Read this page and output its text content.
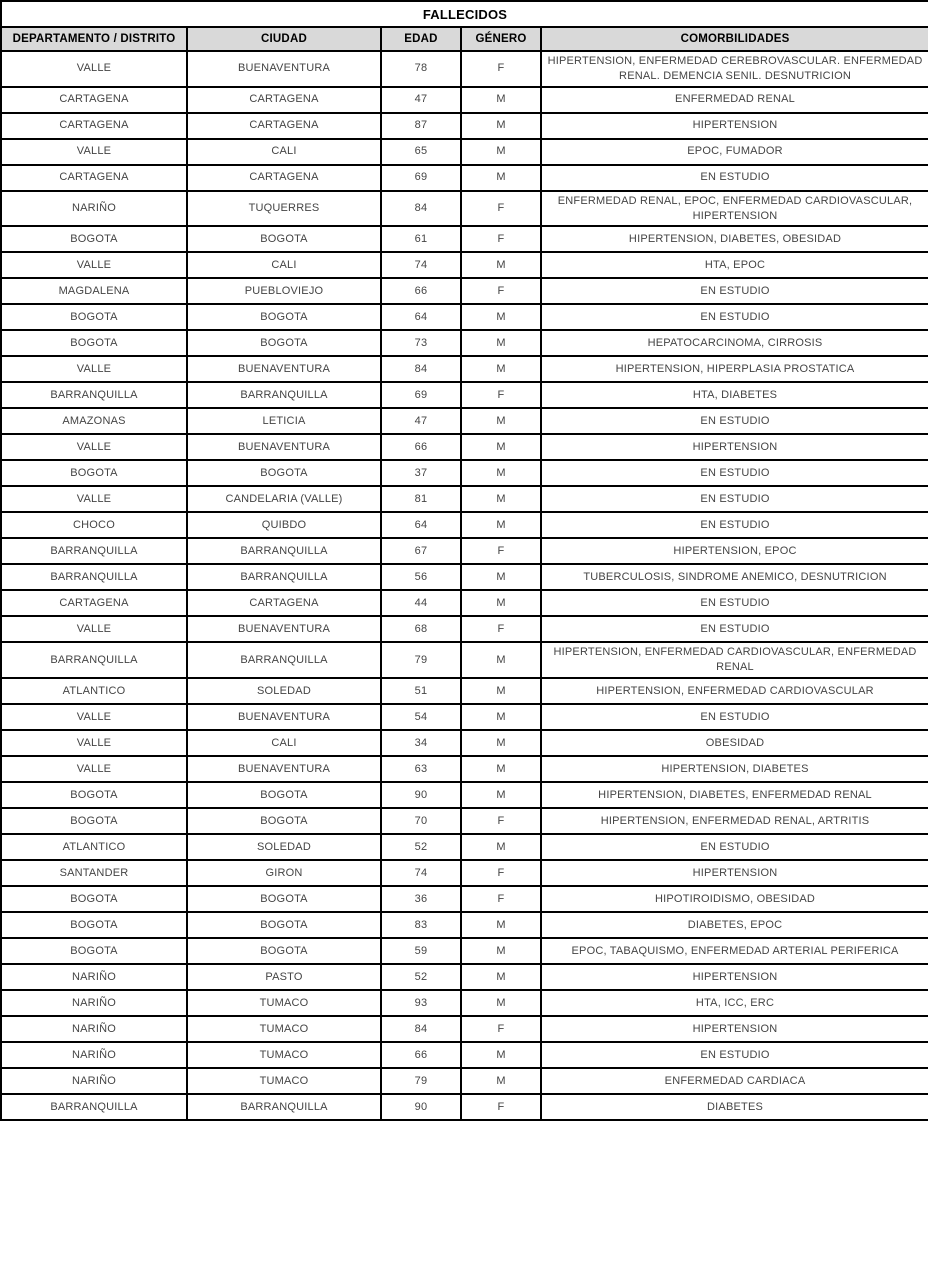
FALLECIDOS				
DEPARTAMENTO / DISTRITO	CIUDAD	EDAD	GÉNERO	COMORBILIDADES
VALLE	BUENAVENTURA	78	F	HIPERTENSION, ENFERMEDAD CEREBROVASCULAR. ENFERMEDAD RENAL. DEMENCIA SENIL. DESNUTRICION
CARTAGENA	CARTAGENA	47	M	ENFERMEDAD RENAL
CARTAGENA	CARTAGENA	87	M	HIPERTENSION
VALLE	CALI	65	M	EPOC, FUMADOR
CARTAGENA	CARTAGENA	69	M	EN ESTUDIO
NARIÑO	TUQUERRES	84	F	ENFERMEDAD RENAL, EPOC, ENFERMEDAD CARDIOVASCULAR, HIPERTENSION
BOGOTA	BOGOTA	61	F	HIPERTENSION, DIABETES, OBESIDAD
VALLE	CALI	74	M	HTA, EPOC
MAGDALENA	PUEBLOVIEJO	66	F	EN ESTUDIO
BOGOTA	BOGOTA	64	M	EN ESTUDIO
BOGOTA	BOGOTA	73	M	HEPATOCARCINOMA, CIRROSIS
VALLE	BUENAVENTURA	84	M	HIPERTENSION, HIPERPLASIA PROSTATICA
BARRANQUILLA	BARRANQUILLA	69	F	HTA, DIABETES
AMAZONAS	LETICIA	47	M	EN ESTUDIO
VALLE	BUENAVENTURA	66	M	HIPERTENSION
BOGOTA	BOGOTA	37	M	EN ESTUDIO
VALLE	CANDELARIA (VALLE)	81	M	EN ESTUDIO
CHOCO	QUIBDO	64	M	EN ESTUDIO
BARRANQUILLA	BARRANQUILLA	67	F	HIPERTENSION, EPOC
BARRANQUILLA	BARRANQUILLA	56	M	TUBERCULOSIS, SINDROME ANEMICO, DESNUTRICION
CARTAGENA	CARTAGENA	44	M	EN ESTUDIO
VALLE	BUENAVENTURA	68	F	EN ESTUDIO
BARRANQUILLA	BARRANQUILLA	79	M	HIPERTENSION, ENFERMEDAD CARDIOVASCULAR, ENFERMEDAD RENAL
ATLANTICO	SOLEDAD	51	M	HIPERTENSION, ENFERMEDAD CARDIOVASCULAR
VALLE	BUENAVENTURA	54	M	EN ESTUDIO
VALLE	CALI	34	M	OBESIDAD
VALLE	BUENAVENTURA	63	M	HIPERTENSION, DIABETES
BOGOTA	BOGOTA	90	M	HIPERTENSION, DIABETES, ENFERMEDAD RENAL
BOGOTA	BOGOTA	70	F	HIPERTENSION, ENFERMEDAD RENAL, ARTRITIS
ATLANTICO	SOLEDAD	52	M	EN ESTUDIO
SANTANDER	GIRON	74	F	HIPERTENSION
BOGOTA	BOGOTA	36	F	HIPOTIROIDISMO, OBESIDAD
BOGOTA	BOGOTA	83	M	DIABETES, EPOC
BOGOTA	BOGOTA	59	M	EPOC, TABAQUISMO, ENFERMEDAD ARTERIAL PERIFERICA
NARIÑO	PASTO	52	M	HIPERTENSION
NARIÑO	TUMACO	93	M	HTA, ICC, ERC
NARIÑO	TUMACO	84	F	HIPERTENSION
NARIÑO	TUMACO	66	M	EN ESTUDIO
NARIÑO	TUMACO	79	M	ENFERMEDAD CARDIACA
BARRANQUILLA	BARRANQUILLA	90	F	DIABETES
